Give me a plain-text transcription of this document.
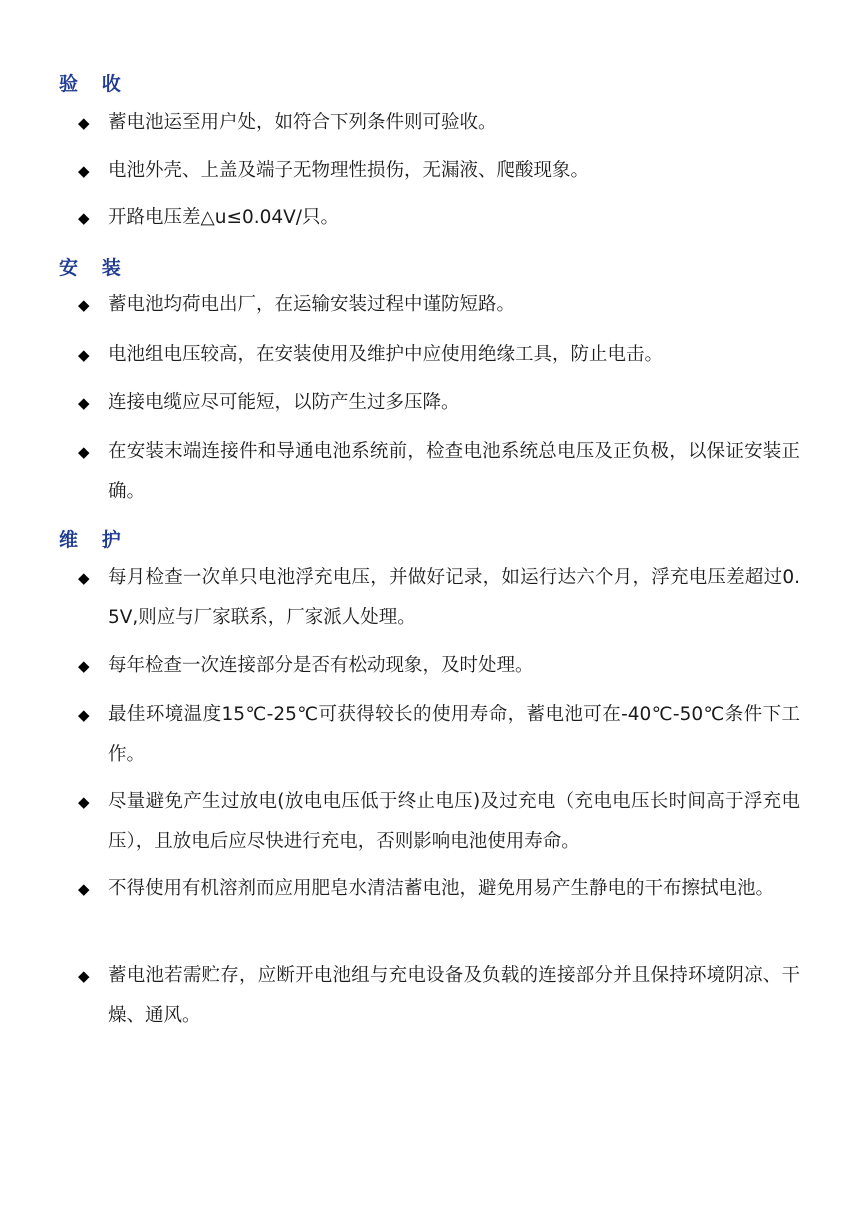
验 收
◆ 蓄电池运至用户处，如符合下列条件则可验收。
◆ 电池外壳、上盖及端子无物理性损伤，无漏液、爬酸现象。
◆ 开路电压差△u≤0.04V/只。
安 装
◆ 蓄电池均荷电出厂，在运输安装过程中谨防短路。
◆ 电池组电压较高，在安装使用及维护中应使用绝缘工具，防止电击。
◆ 连接电缆应尽可能短，以防产生过多压降。
◆ 在安装末端连接件和导通电池系统前，检查电池系统总电压及正负极，以保证安装正确。
维 护
◆ 每月检查一次单只电池浮充电压，并做好记录，如运行达六个月，浮充电压差超过0.5V,则应与厂家联系，厂家派人处理。
◆ 每年检查一次连接部分是否有松动现象，及时处理。
◆ 最佳环境温度15℃-25℃可获得较长的使用寿命，蓄电池可在-40℃-50℃条件下工作。
◆ 尽量避免产生过放电(放电电压低于终止电压)及过充电（充电电压长时间高于浮充电压），且放电后应尽快进行充电，否则影响电池使用寿命。
◆ 不得使用有机溶剂而应用肥皂水清洁蓄电池，避免用易产生静电的干布擦拭电池。
◆ 蓄电池若需贮存，应断开电池组与充电设备及负载的连接部分并且保持环境阴凉、干燥、通风。
